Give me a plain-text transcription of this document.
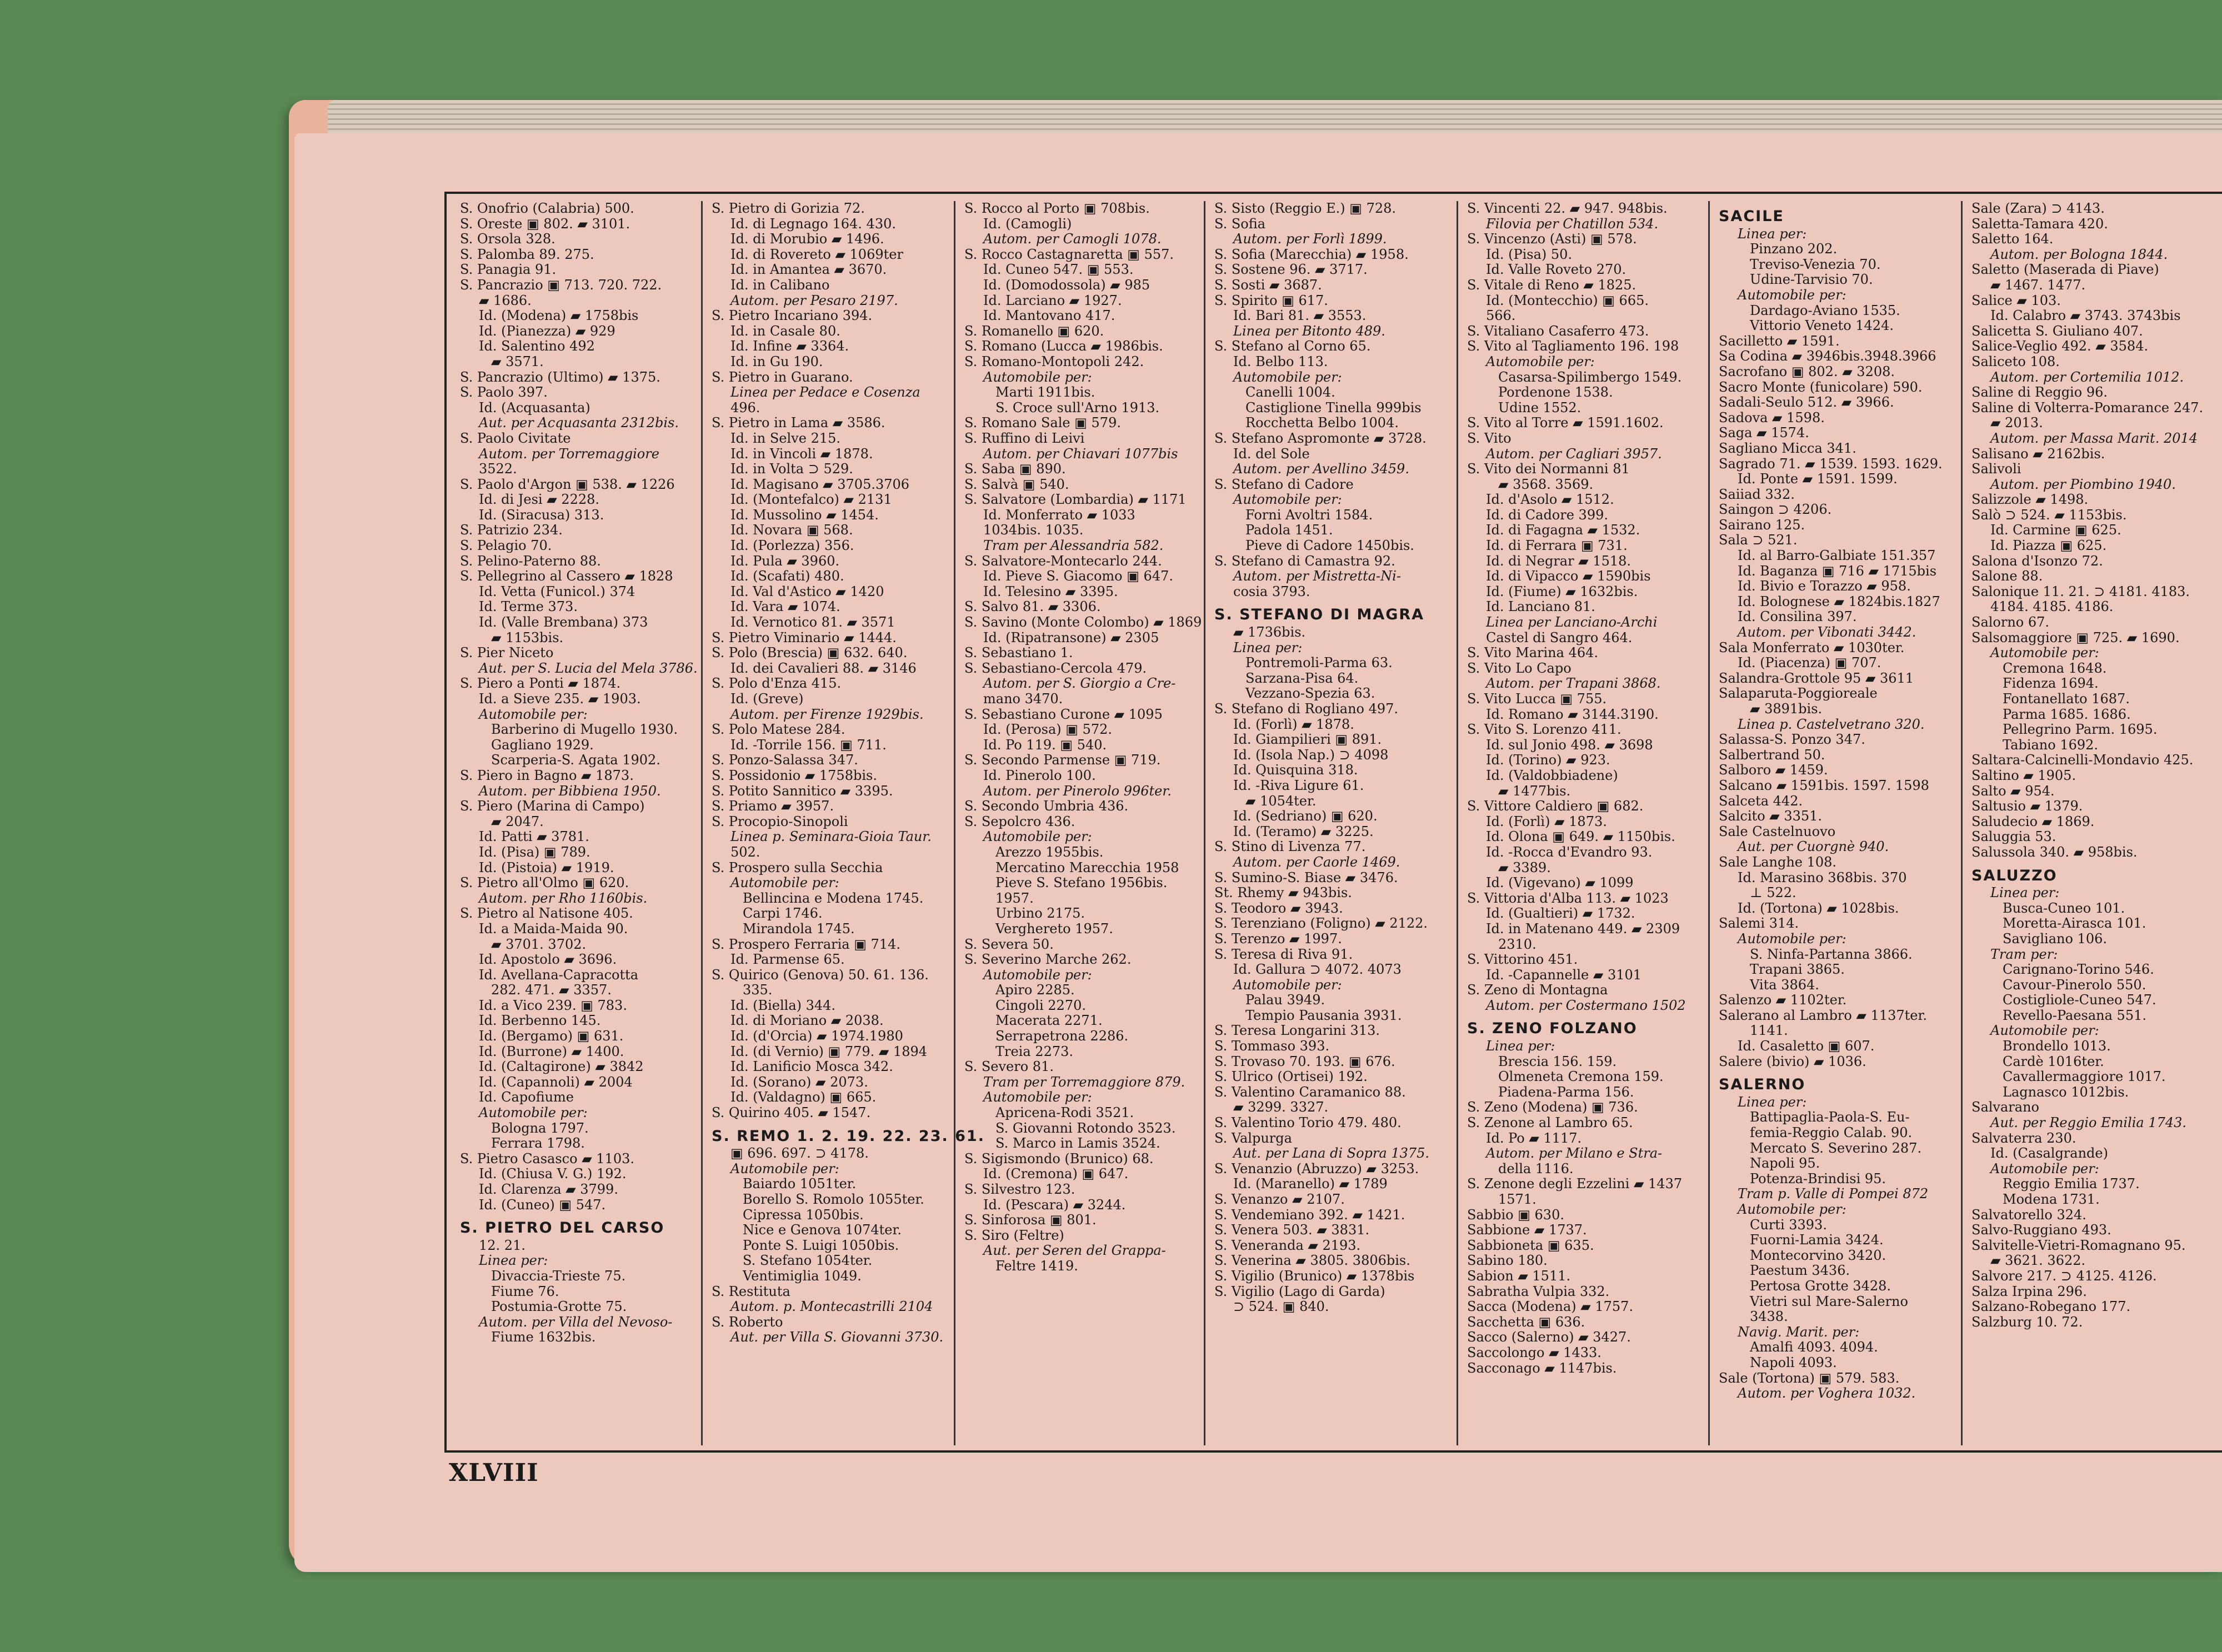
S. Onofrio (Calabria) 500.
S. Oreste ▣ 802. ▰ 3101.
S. Orsola 328.
S. Palomba 89. 275.
S. Panagia 91.
S. Pancrazio ▣ 713. 720. 722.
▰ 1686.
Id. (Modena) ▰ 1758bis
Id. (Pianezza) ▰ 929
Id. Salentino 492
▰ 3571.
S. Pancrazio (Ultimo) ▰ 1375.
S. Paolo 397.
Id. (Acquasanta)
Aut. per Acquasanta 2312bis.
S. Paolo Civitate
Autom. per Torremaggiore
3522.
S. Paolo d'Argon ▣ 538. ▰ 1226
Id. di Jesi ▰ 2228.
Id. (Siracusa) 313.
S. Patrizio 234.
S. Pelagio 70.
S. Pelino-Paterno 88.
S. Pellegrino al Cassero ▰ 1828
Id. Vetta (Funicol.) 374
Id. Terme 373.
Id. (Valle Brembana) 373
▰ 1153bis.
S. Pier Niceto
Aut. per S. Lucia del Mela 3786.
S. Piero a Ponti ▰ 1874.
Id. a Sieve 235. ▰ 1903.
Automobile per:
Barberino di Mugello 1930.
Gagliano 1929.
Scarperia-S. Agata 1902.
S. Piero in Bagno ▰ 1873.
Autom. per Bibbiena 1950.
S. Piero (Marina di Campo)
▰ 2047.
Id. Patti ▰ 3781.
Id. (Pisa) ▣ 789.
Id. (Pistoia) ▰ 1919.
S. Pietro all'Olmo ▣ 620.
Autom. per Rho 1160bis.
S. Pietro al Natisone 405.
Id. a Maida-Maida 90.
▰ 3701. 3702.
Id. Apostolo ▰ 3696.
Id. Avellana-Capracotta
282. 471. ▰ 3357.
Id. a Vico 239. ▣ 783.
Id. Berbenno 145.
Id. (Bergamo) ▣ 631.
Id. (Burrone) ▰ 1400.
Id. (Caltagirone) ▰ 3842
Id. (Capannoli) ▰ 2004
Id. Capofiume
Automobile per:
Bologna 1797.
Ferrara 1798.
S. Pietro Casasco ▰ 1103.
Id. (Chiusa V. G.) 192.
Id. Clarenza ▰ 3799.
Id. (Cuneo) ▣ 547.
S. PIETRO DEL CARSO
12. 21.
Linea per:
Divaccia-Trieste 75.
Fiume 76.
Postumia-Grotte 75.
Autom. per Villa del Nevoso-
Fiume 1632bis.
S. Pietro di Gorizia 72.
Id. di Legnago 164. 430.
Id. di Morubio ▰ 1496.
Id. di Rovereto ▰ 1069ter
Id. in Amantea ▰ 3670.
Id. in Calibano
Autom. per Pesaro 2197.
S. Pietro Incariano 394.
Id. in Casale 80.
Id. Infine ▰ 3364.
Id. in Gu 190.
S. Pietro in Guarano.
Linea per Pedace e Cosenza
496.
S. Pietro in Lama ▰ 3586.
Id. in Selve 215.
Id. in Vincoli ▰ 1878.
Id. in Volta ⊃ 529.
Id. Magisano ▰ 3705.3706
Id. (Montefalco) ▰ 2131
Id. Mussolino ▰ 1454.
Id. Novara ▣ 568.
Id. (Porlezza) 356.
Id. Pula ▰ 3960.
Id. (Scafati) 480.
Id. Val d'Astico ▰ 1420
Id. Vara ▰ 1074.
Id. Vernotico 81. ▰ 3571
S. Pietro Viminario ▰ 1444.
S. Polo (Brescia) ▣ 632. 640.
Id. dei Cavalieri 88. ▰ 3146
S. Polo d'Enza 415.
Id. (Greve)
Autom. per Firenze 1929bis.
S. Polo Matese 284.
Id. -Torrile 156. ▣ 711.
S. Ponzo-Salassa 347.
S. Possidonio ▰ 1758bis.
S. Potito Sannitico ▰ 3395.
S. Priamo ▰ 3957.
S. Procopio-Sinopoli
Linea p. Seminara-Gioia Taur.
502.
S. Prospero sulla Secchia
Automobile per:
Bellincina e Modena 1745.
Carpi 1746.
Mirandola 1745.
S. Prospero Ferraria ▣ 714.
Id. Parmense 65.
S. Quirico (Genova) 50. 61. 136.
335.
Id. (Biella) 344.
Id. di Moriano ▰ 2038.
Id. (d'Orcia) ▰ 1974.1980
Id. (di Vernio) ▣ 779. ▰ 1894
Id. Lanificio Mosca 342.
Id. (Sorano) ▰ 2073.
Id. (Valdagno) ▣ 665.
S. Quirino 405. ▰ 1547.
S. REMO 1. 2. 19. 22. 23. 61.
▣ 696. 697. ⊃ 4178.
Automobile per:
Baiardo 1051ter.
Borello S. Romolo 1055ter.
Cipressa 1050bis.
Nice e Genova 1074ter.
Ponte S. Luigi 1050bis.
S. Stefano 1054ter.
Ventimiglia 1049.
S. Restituta
Autom. p. Montecastrilli 2104
S. Roberto
Aut. per Villa S. Giovanni 3730.
S. Rocco al Porto ▣ 708bis.
Id. (Camogli)
Autom. per Camogli 1078.
S. Rocco Castagnaretta ▣ 557.
Id. Cuneo 547. ▣ 553.
Id. (Domodossola) ▰ 985
Id. Larciano ▰ 1927.
Id. Mantovano 417.
S. Romanello ▣ 620.
S. Romano (Lucca ▰ 1986bis.
S. Romano-Montopoli 242.
Automobile per:
Marti 1911bis.
S. Croce sull'Arno 1913.
S. Romano Sale ▣ 579.
S. Ruffino di Leivi
Autom. per Chiavari 1077bis
S. Saba ▣ 890.
S. Salvà ▣ 540.
S. Salvatore (Lombardia) ▰ 1171
Id. Monferrato ▰ 1033
1034bis. 1035.
Tram per Alessandria 582.
S. Salvatore-Montecarlo 244.
Id. Pieve S. Giacomo ▣ 647.
Id. Telesino ▰ 3395.
S. Salvo 81. ▰ 3306.
S. Savino (Monte Colombo) ▰ 1869
Id. (Ripatransone) ▰ 2305
S. Sebastiano 1.
S. Sebastiano-Cercola 479.
Autom. per S. Giorgio a Cre-
mano 3470.
S. Sebastiano Curone ▰ 1095
Id. (Perosa) ▣ 572.
Id. Po 119. ▣ 540.
S. Secondo Parmense ▣ 719.
Id. Pinerolo 100.
Autom. per Pinerolo 996ter.
S. Secondo Umbria 436.
S. Sepolcro 436.
Automobile per:
Arezzo 1955bis.
Mercatino Marecchia 1958
Pieve S. Stefano 1956bis.
1957.
Urbino 2175.
Verghereto 1957.
S. Severa 50.
S. Severino Marche 262.
Automobile per:
Apiro 2285.
Cingoli 2270.
Macerata 2271.
Serrapetrona 2286.
Treia 2273.
S. Severo 81.
Tram per Torremaggiore 879.
Automobile per:
Apricena-Rodi 3521.
S. Giovanni Rotondo 3523.
S. Marco in Lamis 3524.
S. Sigismondo (Brunico) 68.
Id. (Cremona) ▣ 647.
S. Silvestro 123.
Id. (Pescara) ▰ 3244.
S. Sinforosa ▣ 801.
S. Siro (Feltre)
Aut. per Seren del Grappa-
Feltre 1419.
S. Sisto (Reggio E.) ▣ 728.
S. Sofia
Autom. per Forlì 1899.
S. Sofia (Marecchia) ▰ 1958.
S. Sostene 96. ▰ 3717.
S. Sosti ▰ 3687.
S. Spirito ▣ 617.
Id. Bari 81. ▰ 3553.
Linea per Bitonto 489.
S. Stefano al Corno 65.
Id. Belbo 113.
Automobile per:
Canelli 1004.
Castiglione Tinella 999bis
Rocchetta Belbo 1004.
S. Stefano Aspromonte ▰ 3728.
Id. del Sole
Autom. per Avellino 3459.
S. Stefano di Cadore
Automobile per:
Forni Avoltri 1584.
Padola 1451.
Pieve di Cadore 1450bis.
S. Stefano di Camastra 92.
Autom. per Mistretta-Ni-
cosia 3793.
S. STEFANO DI MAGRA
▰ 1736bis.
Linea per:
Pontremoli-Parma 63.
Sarzana-Pisa 64.
Vezzano-Spezia 63.
S. Stefano di Rogliano 497.
Id. (Forlì) ▰ 1878.
Id. Giampilieri ▣ 891.
Id. (Isola Nap.) ⊃ 4098
Id. Quisquina 318.
Id. -Riva Ligure 61.
▰ 1054ter.
Id. (Sedriano) ▣ 620.
Id. (Teramo) ▰ 3225.
S. Stino di Livenza 77.
Autom. per Caorle 1469.
S. Sumino-S. Biase ▰ 3476.
St. Rhemy ▰ 943bis.
S. Teodoro ▰ 3943.
S. Terenziano (Foligno) ▰ 2122.
S. Terenzo ▰ 1997.
S. Teresa di Riva 91.
Id. Gallura ⊃ 4072. 4073
Automobile per:
Palau 3949.
Tempio Pausania 3931.
S. Teresa Longarini 313.
S. Tommaso 393.
S. Trovaso 70. 193. ▣ 676.
S. Ulrico (Ortisei) 192.
S. Valentino Caramanico 88.
▰ 3299. 3327.
S. Valentino Torio 479. 480.
S. Valpurga
Aut. per Lana di Sopra 1375.
S. Venanzio (Abruzzo) ▰ 3253.
Id. (Maranello) ▰ 1789
S. Venanzo ▰ 2107.
S. Vendemiano 392. ▰ 1421.
S. Venera 503. ▰ 3831.
S. Veneranda ▰ 2193.
S. Venerina ▰ 3805. 3806bis.
S. Vigilio (Brunico) ▰ 1378bis
S. Vigilio (Lago di Garda)
⊃ 524. ▣ 840.
S. Vincenti 22. ▰ 947. 948bis.
Filovia per Chatillon 534.
S. Vincenzo (Asti) ▣ 578.
Id. (Pisa) 50.
Id. Valle Roveto 270.
S. Vitale di Reno ▰ 1825.
Id. (Montecchio) ▣ 665.
566.
S. Vitaliano Casaferro 473.
S. Vito al Tagliamento 196. 198
Automobile per:
Casarsa-Spilimbergo 1549.
Pordenone 1538.
Udine 1552.
S. Vito al Torre ▰ 1591.1602.
S. Vito
Autom. per Cagliari 3957.
S. Vito dei Normanni 81
▰ 3568. 3569.
Id. d'Asolo ▰ 1512.
Id. di Cadore 399.
Id. di Fagagna ▰ 1532.
Id. di Ferrara ▣ 731.
Id. di Negrar ▰ 1518.
Id. di Vipacco ▰ 1590bis
Id. (Fiume) ▰ 1632bis.
Id. Lanciano 81.
Linea per Lanciano-Archi
Castel di Sangro 464.
S. Vito Marina 464.
S. Vito Lo Capo
Autom. per Trapani 3868.
S. Vito Lucca ▣ 755.
Id. Romano ▰ 3144.3190.
S. Vito S. Lorenzo 411.
Id. sul Jonio 498. ▰ 3698
Id. (Torino) ▰ 923.
Id. (Valdobbiadene)
▰ 1477bis.
S. Vittore Caldiero ▣ 682.
Id. (Forlì) ▰ 1873.
Id. Olona ▣ 649. ▰ 1150bis.
Id. -Rocca d'Evandro 93.
▰ 3389.
Id. (Vigevano) ▰ 1099
S. Vittoria d'Alba 113. ▰ 1023
Id. (Gualtieri) ▰ 1732.
Id. in Matenano 449. ▰ 2309
2310.
S. Vittorino 451.
Id. -Capannelle ▰ 3101
S. Zeno di Montagna
Autom. per Costermano 1502
S. ZENO FOLZANO
Linea per:
Brescia 156. 159.
Olmeneta Cremona 159.
Piadena-Parma 156.
S. Zeno (Modena) ▣ 736.
S. Zenone al Lambro 65.
Id. Po ▰ 1117.
Autom. per Milano e Stra-
della 1116.
S. Zenone degli Ezzelini ▰ 1437
1571.
Sabbio ▣ 630.
Sabbione ▰ 1737.
Sabbioneta ▣ 635.
Sabino 180.
Sabion ▰ 1511.
Sabratha Vulpia 332.
Sacca (Modena) ▰ 1757.
Sacchetta ▣ 636.
Sacco (Salerno) ▰ 3427.
Saccolongo ▰ 1433.
Sacconago ▰ 1147bis.
SACILE
Linea per:
Pinzano 202.
Treviso-Venezia 70.
Udine-Tarvisio 70.
Automobile per:
Dardago-Aviano 1535.
Vittorio Veneto 1424.
Sacilletto ▰ 1591.
Sa Codina ▰ 3946bis.3948.3966
Sacrofano ▣ 802. ▰ 3208.
Sacro Monte (funicolare) 590.
Sadali-Seulo 512. ▰ 3966.
Sadova ▰ 1598.
Saga ▰ 1574.
Sagliano Micca 341.
Sagrado 71. ▰ 1539. 1593. 1629.
Id. Ponte ▰ 1591. 1599.
Saiiad 332.
Saingon ⊃ 4206.
Sairano 125.
Sala ⊃ 521.
Id. al Barro-Galbiate 151.357
Id. Baganza ▣ 716 ▰ 1715bis
Id. Bivio e Torazzo ▰ 958.
Id. Bolognese ▰ 1824bis.1827
Id. Consilina 397.
Autom. per Vibonati 3442.
Sala Monferrato ▰ 1030ter.
Id. (Piacenza) ▣ 707.
Salandra-Grottole 95 ▰ 3611
Salaparuta-Poggioreale
▰ 3891bis.
Linea p. Castelvetrano 320.
Salassa-S. Ponzo 347.
Salbertrand 50.
Salboro ▰ 1459.
Salcano ▰ 1591bis. 1597. 1598
Salceta 442.
Salcito ▰ 3351.
Sale Castelnuovo
Aut. per Cuorgnè 940.
Sale Langhe 108.
Id. Marasino 368bis. 370
⊥ 522.
Id. (Tortona) ▰ 1028bis.
Salemi 314.
Automobile per:
S. Ninfa-Partanna 3866.
Trapani 3865.
Vita 3864.
Salenzo ▰ 1102ter.
Salerano al Lambro ▰ 1137ter.
1141.
Id. Casaletto ▣ 607.
Salere (bivio) ▰ 1036.
SALERNO
Linea per:
Battipaglia-Paola-S. Eu-
femia-Reggio Calab. 90.
Mercato S. Severino 287.
Napoli 95.
Potenza-Brindisi 95.
Tram p. Valle di Pompei 872
Automobile per:
Curti 3393.
Fuorni-Lamia 3424.
Montecorvino 3420.
Paestum 3436.
Pertosa Grotte 3428.
Vietri sul Mare-Salerno
3438.
Navig. Marit. per:
Amalfi 4093. 4094.
Napoli 4093.
Sale (Tortona) ▣ 579. 583.
Autom. per Voghera 1032.
Sale (Zara) ⊃ 4143.
Saletta-Tamara 420.
Saletto 164.
Autom. per Bologna 1844.
Saletto (Maserada di Piave)
▰ 1467. 1477.
Salice ▰ 103.
Id. Calabro ▰ 3743. 3743bis
Salicetta S. Giuliano 407.
Salice-Veglio 492. ▰ 3584.
Saliceto 108.
Autom. per Cortemilia 1012.
Saline di Reggio 96.
Saline di Volterra-Pomarance 247.
▰ 2013.
Autom. per Massa Marit. 2014
Salisano ▰ 2162bis.
Salivoli
Autom. per Piombino 1940.
Salizzole ▰ 1498.
Salò ⊃ 524. ▰ 1153bis.
Id. Carmine ▣ 625.
Id. Piazza ▣ 625.
Salona d'Isonzo 72.
Salone 88.
Saloniquе 11. 21. ⊃ 4181. 4183.
4184. 4185. 4186.
Salorno 67.
Salsomaggiore ▣ 725. ▰ 1690.
Automobile per:
Cremona 1648.
Fidenza 1694.
Fontanellato 1687.
Parma 1685. 1686.
Pellegrino Parm. 1695.
Tabiano 1692.
Saltara-Calcinelli-Mondavio 425.
Saltino ▰ 1905.
Salto ▰ 954.
Saltusio ▰ 1379.
Saludecio ▰ 1869.
Saluggia 53.
Salussola 340. ▰ 958bis.
SALUZZO
Linea per:
Busca-Cuneo 101.
Moretta-Airasca 101.
Savigliano 106.
Tram per:
Carignano-Torino 546.
Cavour-Pinerolo 550.
Costigliole-Cuneo 547.
Revello-Paesana 551.
Automobile per:
Brondello 1013.
Cardè 1016ter.
Cavallermaggiore 1017.
Lagnasco 1012bis.
Salvarano
Aut. per Reggio Emilia 1743.
Salvaterra 230.
Id. (Casalgrande)
Automobile per:
Reggio Emilia 1737.
Modena 1731.
Salvatorello 324.
Salvo-Ruggiano 493.
Salvitelle-Vietri-Romagnano 95.
▰ 3621. 3622.
Salvore 217. ⊃ 4125. 4126.
Salza Irpina 296.
Salzano-Robegano 177.
Salzburg 10. 72.
XLVIII
